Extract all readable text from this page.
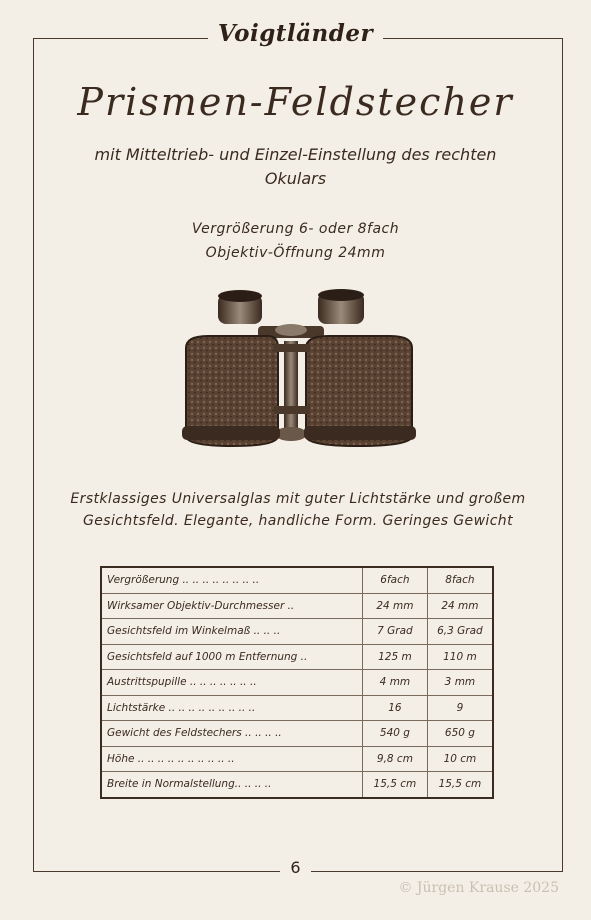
Voigtländer
Prismen-Feldstecher
mit Mitteltrieb- und Einzel-Einstellung des rechten Okulars
Vergrößerung 6- oder 8fach
Objektiv-Öffnung 24mm
Erstklassiges Universalglas mit guter Lichtstärke und großem Gesichtsfeld. Elegante, handliche Form. Geringes Gewicht
Vergrößerung .. .. .. .. .. .. .. ..	6fach	8fach
Wirksamer Objektiv-Durchmesser ..	24 mm	24 mm
Gesichtsfeld im Winkelmaß .. .. ..	7 Grad	6,3 Grad
Gesichtsfeld auf 1000 m Entfernung ..	125 m	110 m
Austrittspupille .. .. .. .. .. .. ..	4 mm	3 mm
Lichtstärke .. .. .. .. .. .. .. .. ..	16	9
Gewicht des Feldstechers .. .. .. ..	540 g	650 g
Höhe .. .. .. .. .. .. .. .. .. ..	9,8 cm	10 cm
Breite in Normalstellung.. .. .. ..	15,5 cm	15,5 cm
6
© Jürgen Krause 2025
